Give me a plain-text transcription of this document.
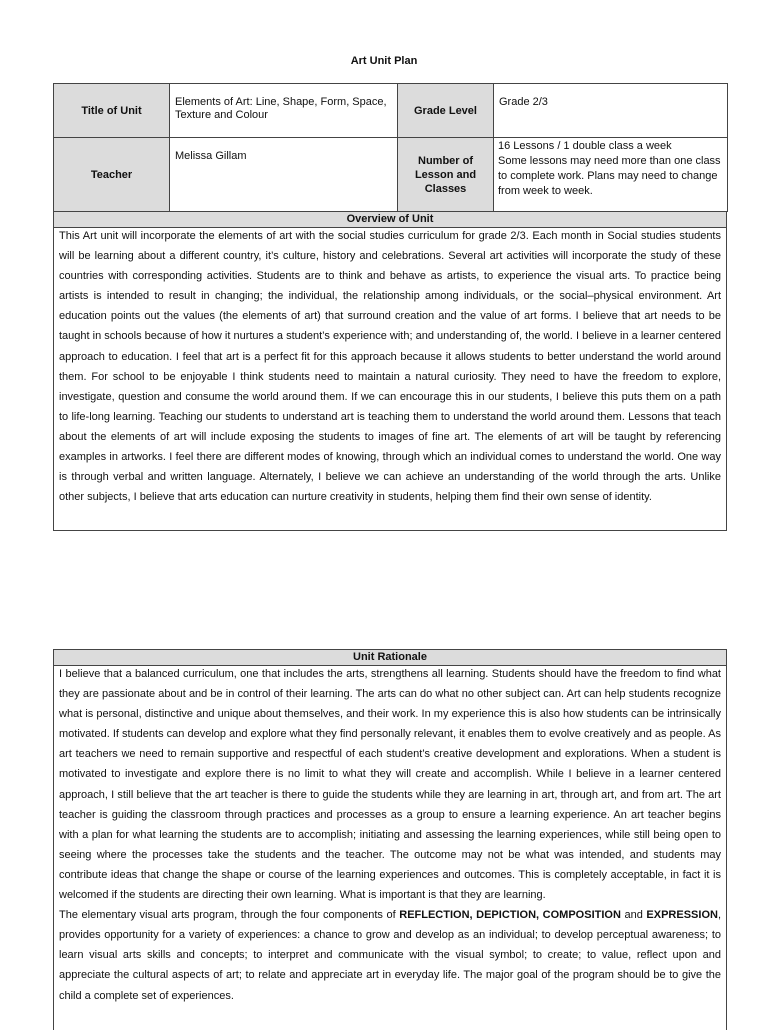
Art Unit Plan
Title of Unit	Elements of Art: Line, Shape, Form, Space, Texture and Colour	Grade Level	Grade 2/3
Teacher	Melissa Gillam	Number of Lesson and Classes	16 Lessons / 1 double class a week
Some lessons may need more than one class to complete work. Plans may need to change from week to week.
Overview of Unit
This Art unit will incorporate the elements of art with the social studies curriculum for grade 2/3. Each month in Social studies students will be learning about a different country, it’s culture, history and celebrations. Several art activities will incorporate the study of these countries with corresponding activities. Students are to think and behave as artists, to experience the visual arts. To practice being artists is intended to result in changing; the individual, the relationship among individuals, or the social–physical environment. Art education points out the values (the elements of art) that surround creation and the value of art forms. I believe that art needs to be taught in schools because of how it nurtures a student’s experience with; and understanding of, the world. I believe in a learner centered approach to education. I feel that art is a perfect fit for this approach because it allows students to better understand the world around them. For school to be enjoyable I think students need to maintain a natural curiosity. They need to have the freedom to explore, investigate, question and consume the world around them. If we can encourage this in our students, I believe this puts them on a path to life-long learning. Teaching our students to understand art is teaching them to understand the world around them. Lessons that teach about the elements of art will include exposing the students to images of fine art. The elements of art will be taught by referencing examples in artworks. I feel there are different modes of knowing, through which an individual comes to understand the world. One way is through verbal and written language. Alternately, I believe we can achieve an understanding of the world through the arts. Unlike other subjects, I believe that arts education can nurture creativity in students, helping them find their own sense of identity.
Unit Rationale

I believe that a balanced curriculum, one that includes the arts, strengthens all learning. Students should have the freedom to find what they are passionate about and be in control of their learning. The arts can do what no other subject can. Art can help students recognize what is personal, distinctive and unique about themselves, and their work. In my experience this is also how students can be intrinsically motivated. If students can develop and explore what they find personally relevant, it enables them to evolve creatively and as people. As art teachers we need to remain supportive and respectful of each student’s creative development and explorations. When a student is motivated to investigate and explore there is no limit to what they will create and accomplish. While I believe in a learner centered approach, I still believe that the art teacher is there to guide the students while they are learning in art, through art, and from art. The art teacher is guiding the classroom through practices and processes as a group to ensure a learning experience. An art teacher begins with a plan for what learning the students are to accomplish; initiating and assessing the learning experiences, while still being open to seeing where the processes take the students and the teacher. The outcome may not be what was intended, and students may contribute ideas that change the shape or course of the learning experiences and outcomes. This is completely acceptable, in fact it is welcomed if the students are directing their own learning. What is important is that they are learning.

The elementary visual arts program, through the four components of REFLECTION, DEPICTION, COMPOSITION and EXPRESSION, provides opportunity for a variety of experiences: a chance to grow and develop as an individual; to develop perceptual awareness; to learn visual arts skills and concepts; to interpret and communicate with the visual symbol; to create; to value, reflect upon and appreciate the cultural aspects of art; to relate and appreciate art in everyday life. The major goal of the program should be to give the child a complete set of experiences.
